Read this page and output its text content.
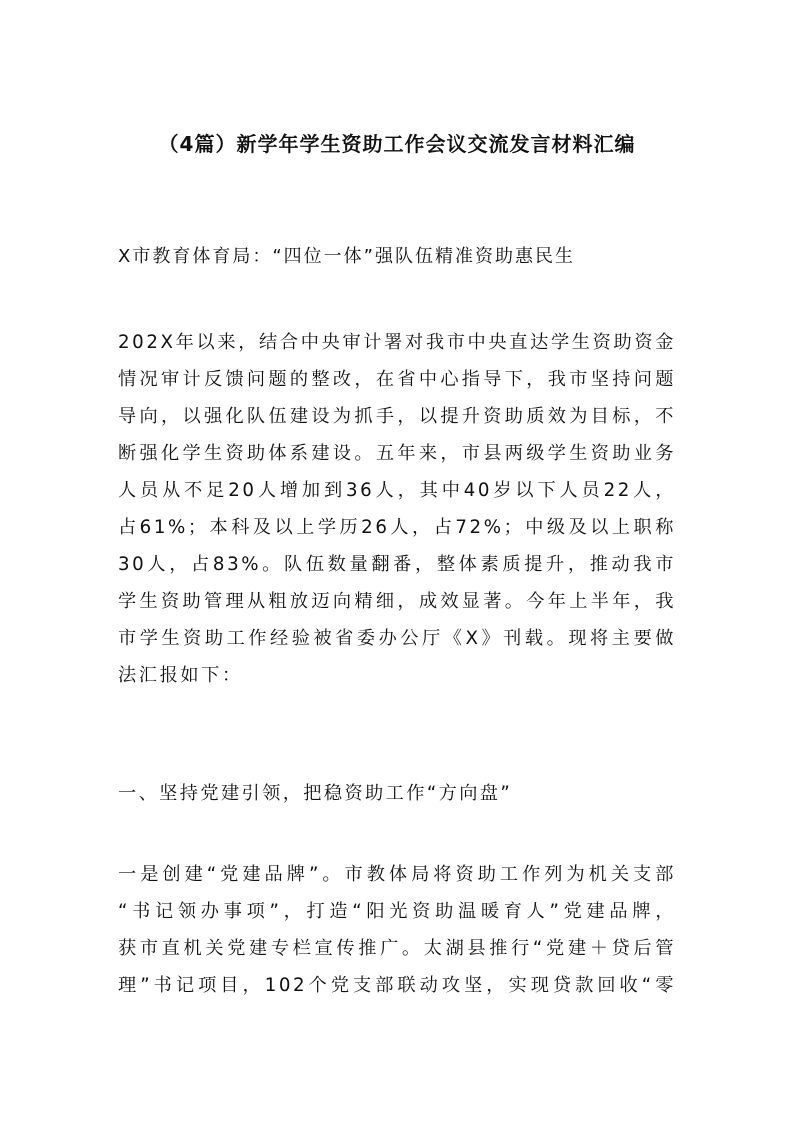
（4篇）新学年学生资助工作会议交流发言材料汇编
X市教育体育局：“四位一体”强队伍精准资助惠民生
202X年以来，结合中央审计署对我市中央直达学生资助资金
情况审计反馈问题的整改，在省中心指导下，我市坚持问题
导向，以强化队伍建设为抓手，以提升资助质效为目标，不
断强化学生资助体系建设。五年来，市县两级学生资助业务
人员从不足20人增加到36人，其中40岁以下人员22人，
占61%；本科及以上学历26人，占72%；中级及以上职称
30人，占83%。队伍数量翻番，整体素质提升，推动我市
学生资助管理从粗放迈向精细，成效显著。今年上半年，我
市学生资助工作经验被省委办公厅《X》刊载。现将主要做
法汇报如下：
一、坚持党建引领，把稳资助工作“方向盘”
一是创建“党建品牌”。市教体局将资助工作列为机关支部
“书记领办事项”，打造“阳光资助温暖育人”党建品牌，
获市直机关党建专栏宣传推广。太湖县推行“党建＋贷后管
理”书记项目，102个党支部联动攻坚，实现贷款回收“零
